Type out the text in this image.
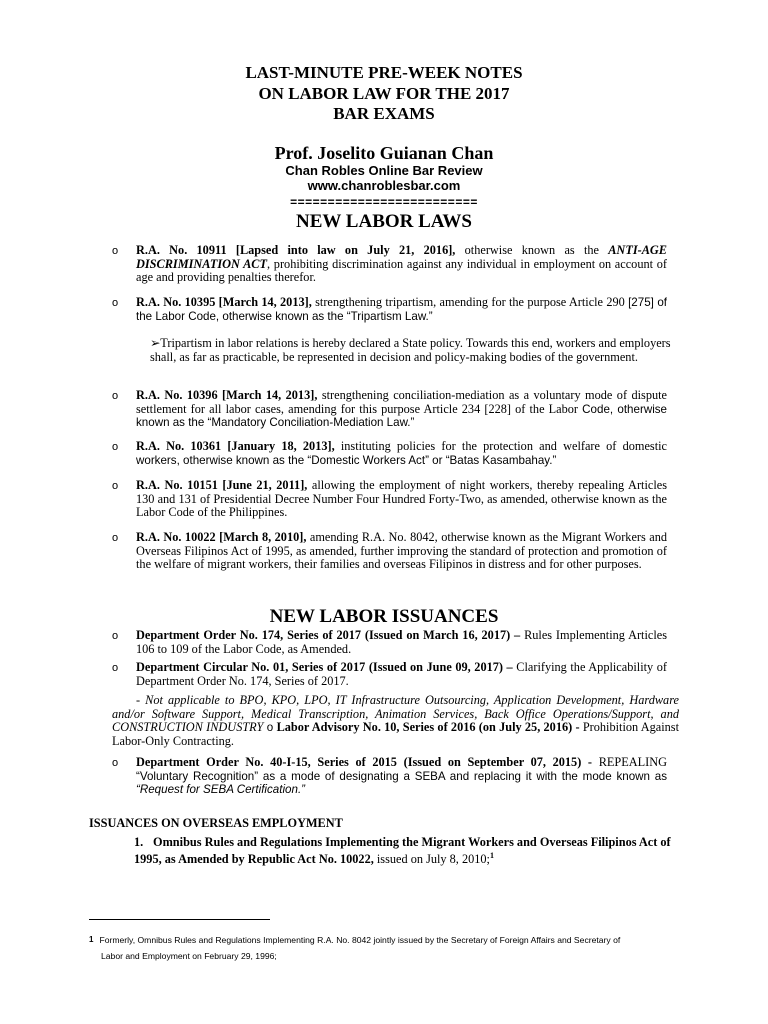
LAST-MINUTE PRE-WEEK NOTES
ON LABOR LAW FOR THE 2017
BAR EXAMS
Prof. Joselito Guianan Chan
Chan Robles Online Bar Review
www.chanroblesbar.com
=========================
NEW LABOR LAWS
o R.A. No. 10911 [Lapsed into law on July 21, 2016], otherwise known as the ANTI-AGE DISCRIMINATION ACT, prohibiting discrimination against any individual in employment on account of age and providing penalties therefor.
o R.A. No. 10395 [March 14, 2013], strengthening tripartism, amending for the purpose Article 290 [275] of the Labor Code, otherwise known as the “Tripartism Law.”
➢Tripartism in labor relations is hereby declared a State policy. Towards this end, workers and employers shall, as far as practicable, be represented in decision and policy-making bodies of the government.
o R.A. No. 10396 [March 14, 2013], strengthening conciliation-mediation as a voluntary mode of dispute settlement for all labor cases, amending for this purpose Article 234 [228] of the Labor Code, otherwise known as the “Mandatory Conciliation-Mediation Law.”
o R.A. No. 10361 [January 18, 2013], instituting policies for the protection and welfare of domestic workers, otherwise known as the “Domestic Workers Act” or “Batas Kasambahay.”
o R.A. No. 10151 [June 21, 2011], allowing the employment of night workers, thereby repealing Articles 130 and 131 of Presidential Decree Number Four Hundred Forty-Two, as amended, otherwise known as the Labor Code of the Philippines.
o R.A. No. 10022 [March 8, 2010], amending R.A. No. 8042, otherwise known as the Migrant Workers and Overseas Filipinos Act of 1995, as amended, further improving the standard of protection and promotion of the welfare of migrant workers, their families and overseas Filipinos in distress and for other purposes.
NEW LABOR ISSUANCES
o Department Order No. 174, Series of 2017 (Issued on March 16, 2017) – Rules Implementing Articles 106 to 109 of the Labor Code, as Amended.
o Department Circular No. 01, Series of 2017 (Issued on June 09, 2017) – Clarifying the Applicability of Department Order No. 174, Series of 2017.
- Not applicable to BPO, KPO, LPO, IT Infrastructure Outsourcing, Application Development, Hardware and/or Software Support, Medical Transcription, Animation Services, Back Office Operations/Support, and CONSTRUCTION INDUSTRY o Labor Advisory No. 10, Series of 2016 (on July 25, 2016) - Prohibition Against Labor-Only Contracting.
o Department Order No. 40-I-15, Series of 2015 (Issued on September 07, 2015) - REPEALING “Voluntary Recognition” as a mode of designating a SEBA and replacing it with the mode known as “Request for SEBA Certification.”
ISSUANCES ON OVERSEAS EMPLOYMENT
1. Omnibus Rules and Regulations Implementing the Migrant Workers and Overseas Filipinos Act of 1995, as Amended by Republic Act No. 10022, issued on July 8, 2010;$^1$
1 Formerly, Omnibus Rules and Regulations Implementing R.A. No. 8042 jointly issued by the Secretary of Foreign Affairs and Secretary of
Labor and Employment on February 29, 1996;
